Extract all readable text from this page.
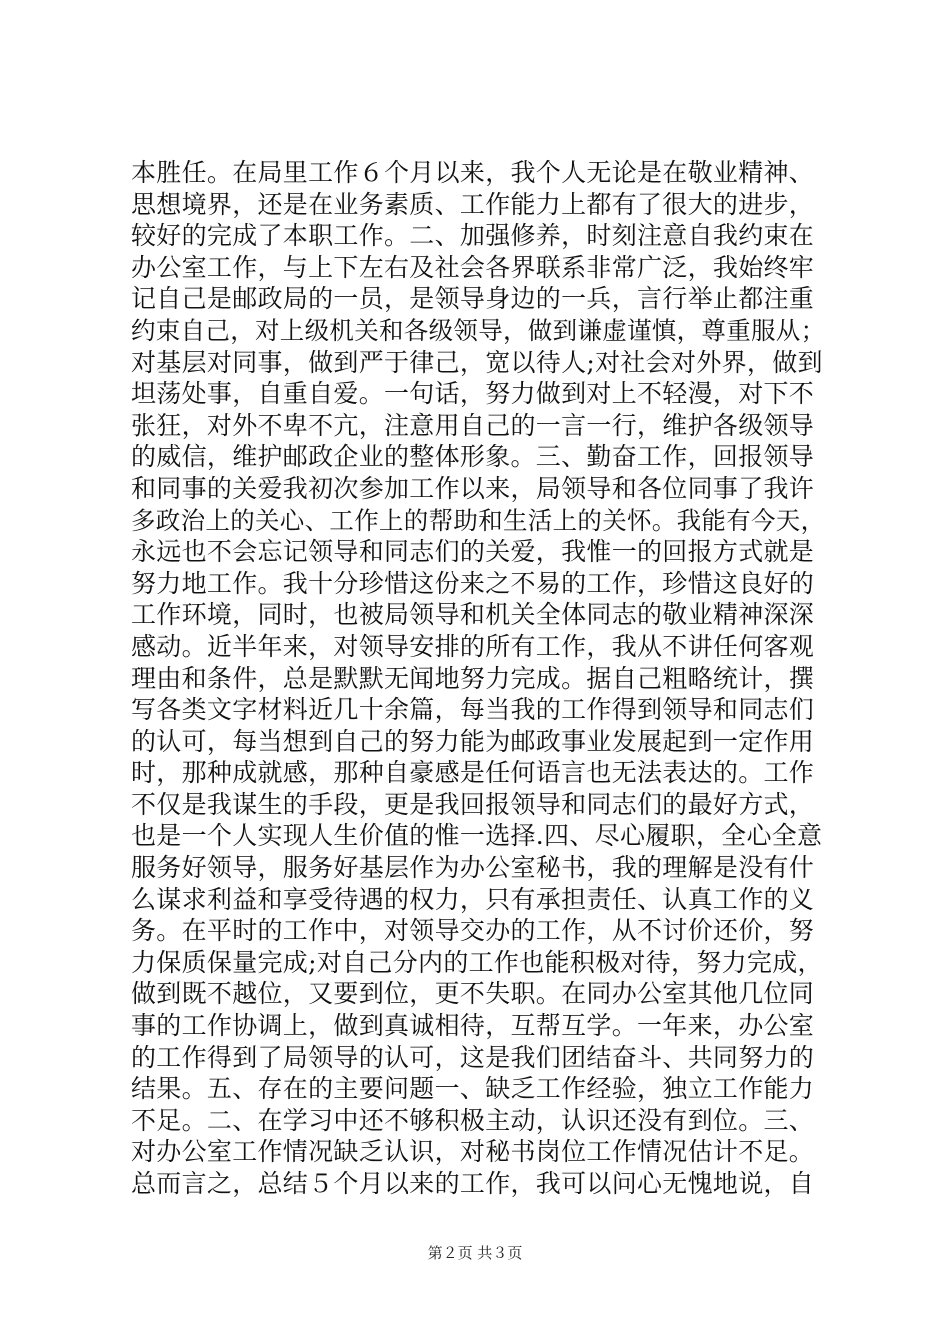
本胜任。在局里工作６个月以来，我个人无论是在敬业精神、
思想境界，还是在业务素质、工作能力上都有了很大的进步，
较好的完成了本职工作。二、加强修养，时刻注意自我约束在
办公室工作，与上下左右及社会各界联系非常广泛，我始终牢
记自己是邮政局的一员，是领导身边的一兵，言行举止都注重
约束自己，对上级机关和各级领导，做到谦虚谨慎，尊重服从；
对基层对同事，做到严于律己，宽以待人;对社会对外界，做到
坦荡处事，自重自爱。一句话，努力做到对上不轻漫，对下不
张狂，对外不卑不亢，注意用自己的一言一行，维护各级领导
的威信，维护邮政企业的整体形象。三、勤奋工作，回报领导
和同事的关爱我初次参加工作以来，局领导和各位同事了我许
多政治上的关心、工作上的帮助和生活上的关怀。我能有今天，
永远也不会忘记领导和同志们的关爱，我惟一的回报方式就是
努力地工作。我十分珍惜这份来之不易的工作，珍惜这良好的
工作环境，同时，也被局领导和机关全体同志的敬业精神深深
感动。近半年来，对领导安排的所有工作，我从不讲任何客观
理由和条件，总是默默无闻地努力完成。据自己粗略统计，撰
写各类文字材料近几十余篇，每当我的工作得到领导和同志们
的认可，每当想到自己的努力能为邮政事业发展起到一定作用
时，那种成就感，那种自豪感是任何语言也无法表达的。工作
不仅是我谋生的手段，更是我回报领导和同志们的最好方式，
也是一个人实现人生价值的惟一选择.四、尽心履职，全心全意
服务好领导，服务好基层作为办公室秘书，我的理解是没有什
么谋求利益和享受待遇的权力，只有承担责任、认真工作的义
务。在平时的工作中，对领导交办的工作，从不讨价还价，努
力保质保量完成;对自己分内的工作也能积极对待，努力完成，
做到既不越位，又要到位，更不失职。在同办公室其他几位同
事的工作协调上，做到真诚相待，互帮互学。一年来，办公室
的工作得到了局领导的认可，这是我们团结奋斗、共同努力的
结果。五、存在的主要问题一、缺乏工作经验，独立工作能力
不足。二、在学习中还不够积极主动，认识还没有到位。三、
对办公室工作情况缺乏认识，对秘书岗位工作情况估计不足。
总而言之，总结５个月以来的工作，我可以问心无愧地说，自
第２页 共３页
